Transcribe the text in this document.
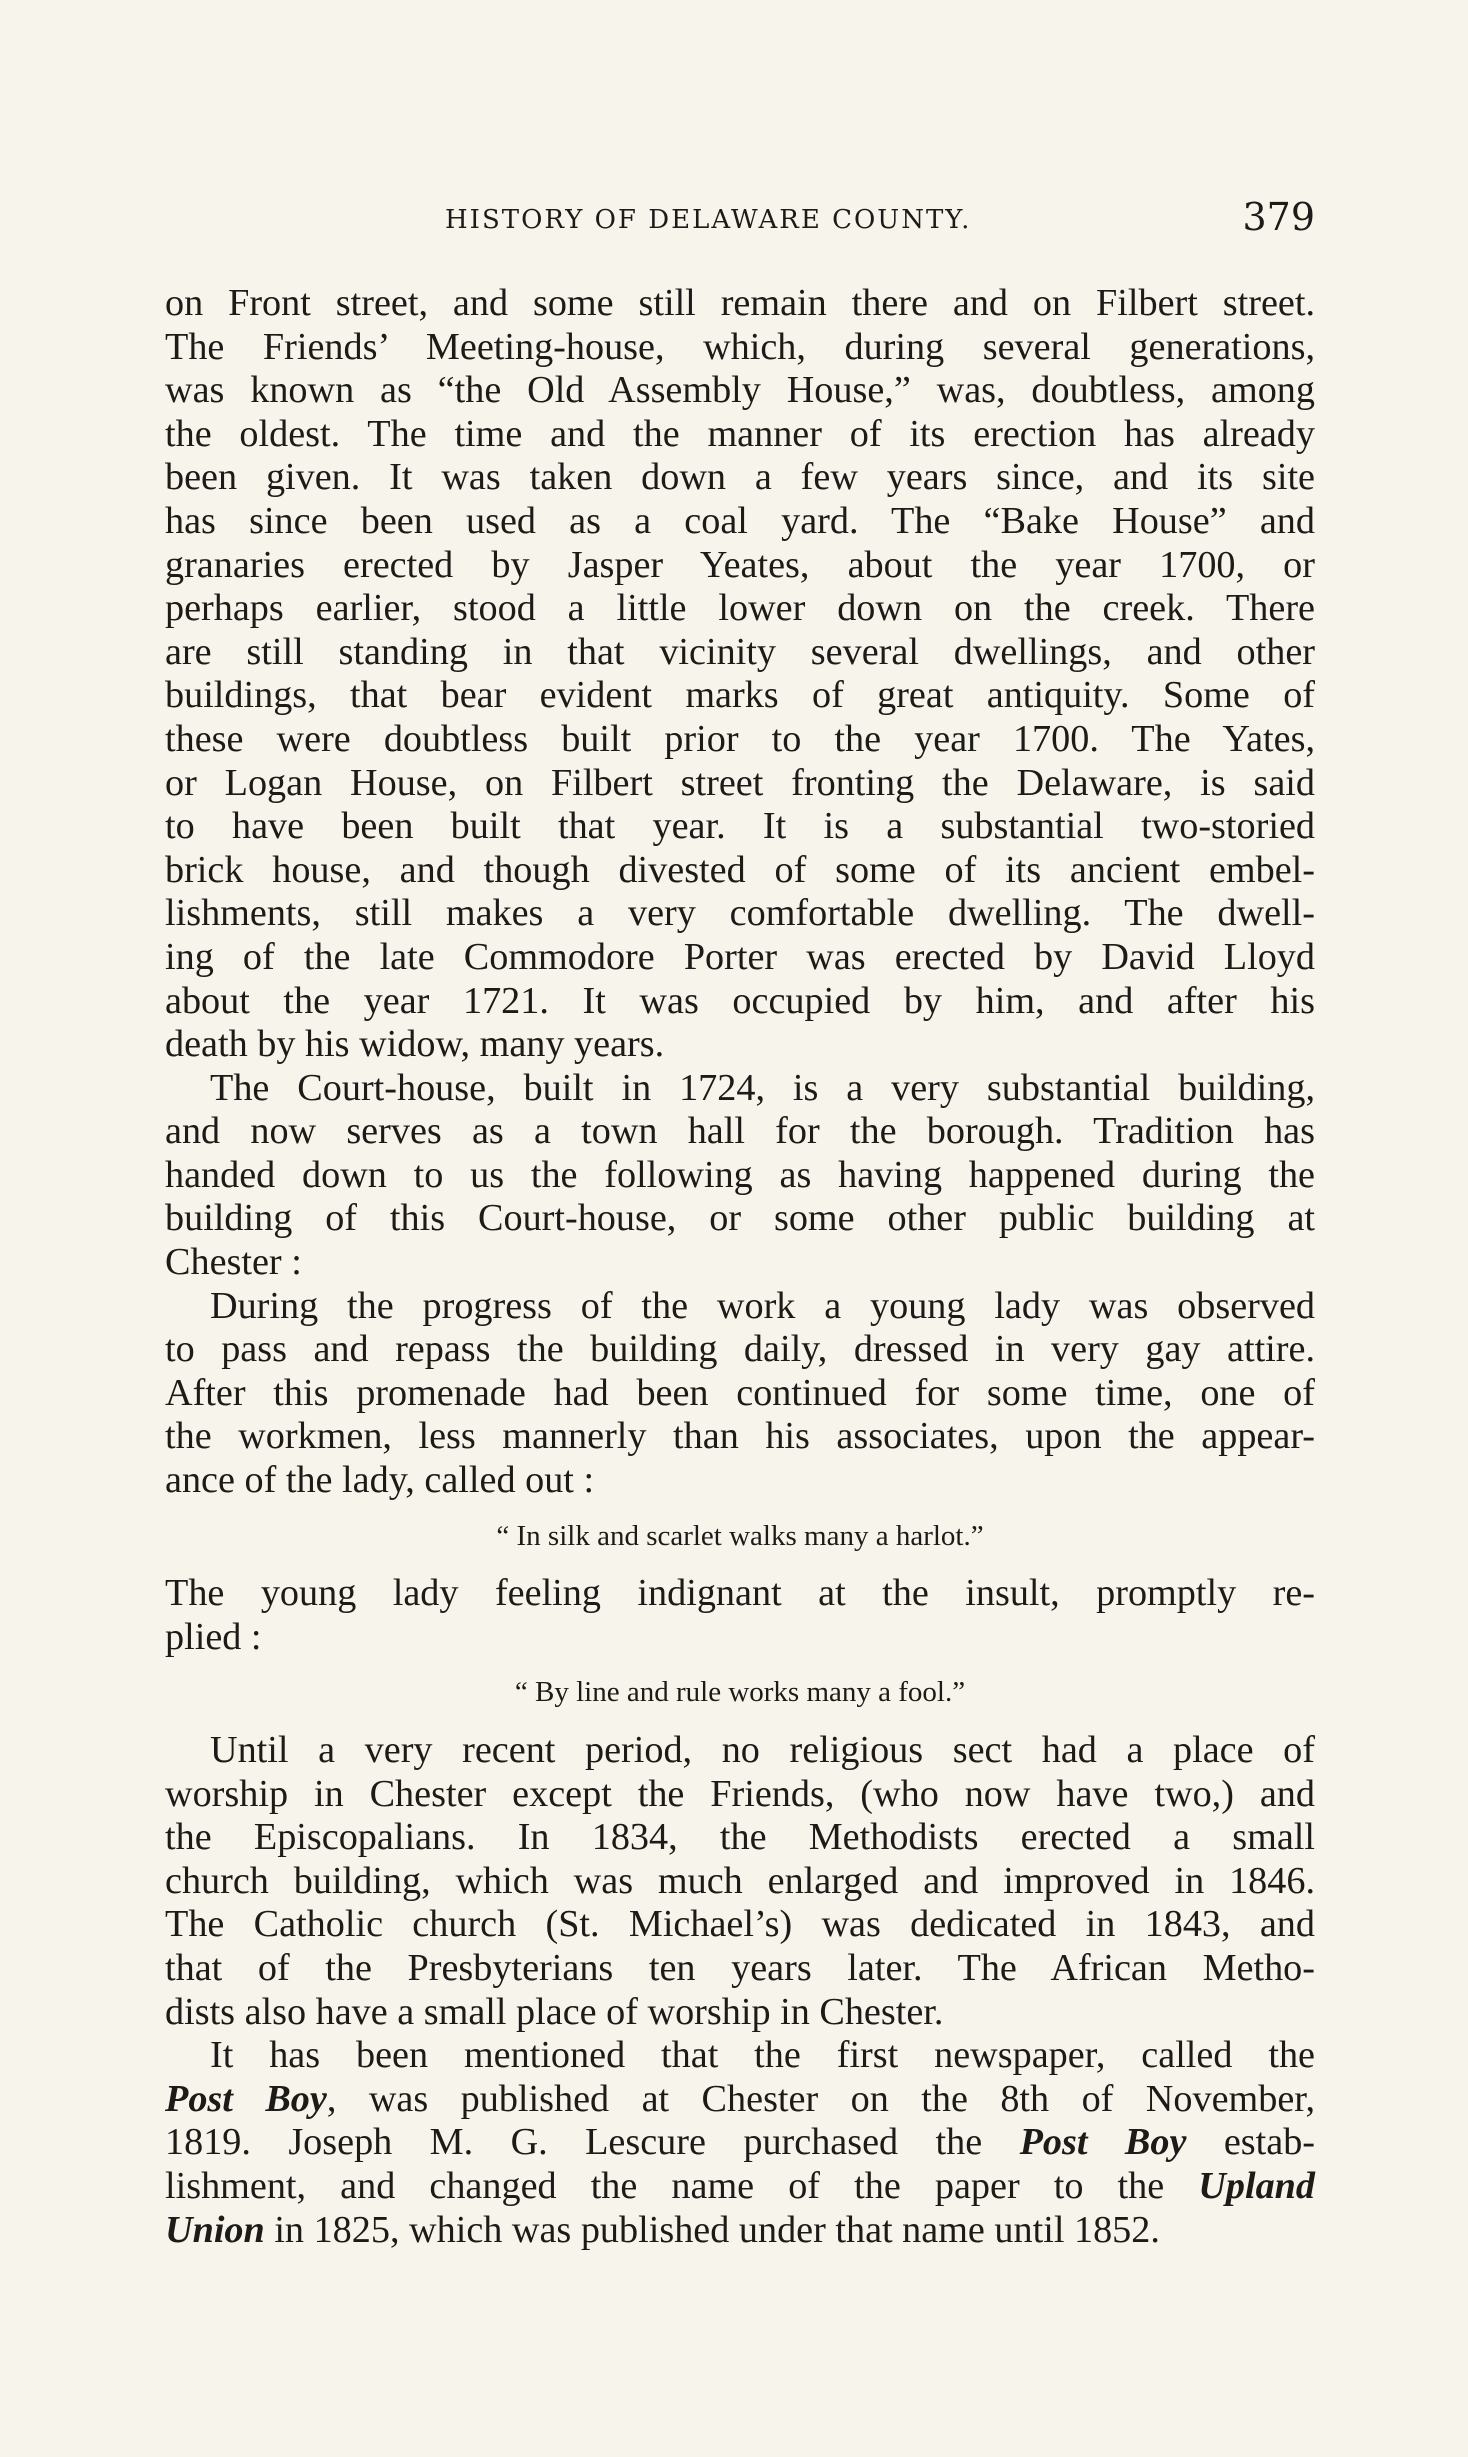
HISTORY OF DELAWARE COUNTY.	379
on Front street, and some still remain there and on Filbert street.
The Friends’ Meeting-house, which, during several generations,
was known as “the Old Assembly House,” was, doubtless, among
the oldest. The time and the manner of its erection has already
been given. It was taken down a few years since, and its site
has since been used as a coal yard. The “Bake House” and
granaries erected by Jasper Yeates, about the year 1700, or
perhaps earlier, stood a little lower down on the creek. There
are still standing in that vicinity several dwellings, and other
buildings, that bear evident marks of great antiquity. Some of
these were doubtless built prior to the year 1700. The Yates,
or Logan House, on Filbert street fronting the Delaware, is said
to have been built that year. It is a substantial two-storied
brick house, and though divested of some of its ancient embel-
lishments, still makes a very comfortable dwelling. The dwell-
ing of the late Commodore Porter was erected by David Lloyd
about the year 1721. It was occupied by him, and after his
death by his widow, many years.
The Court-house, built in 1724, is a very substantial building,
and now serves as a town hall for the borough. Tradition has
handed down to us the following as having happened during the
building of this Court-house, or some other public building at
Chester :
During the progress of the work a young lady was observed
to pass and repass the building daily, dressed in very gay attire.
After this promenade had been continued for some time, one of
the workmen, less mannerly than his associates, upon the appear-
ance of the lady, called out :
“ In silk and scarlet walks many a harlot.”
The young lady feeling indignant at the insult, promptly re-
plied :
“ By line and rule works many a fool.”
Until a very recent period, no religious sect had a place of
worship in Chester except the Friends, (who now have two,) and
the Episcopalians. In 1834, the Methodists erected a small
church building, which was much enlarged and improved in 1846.
The Catholic church (St. Michael’s) was dedicated in 1843, and
that of the Presbyterians ten years later. The African Metho-
dists also have a small place of worship in Chester.
It has been mentioned that the first newspaper, called the
Post Boy, was published at Chester on the 8th of November,
1819. Joseph M. G. Lescure purchased the Post Boy estab-
lishment, and changed the name of the paper to the Upland
Union in 1825, which was published under that name until 1852.
